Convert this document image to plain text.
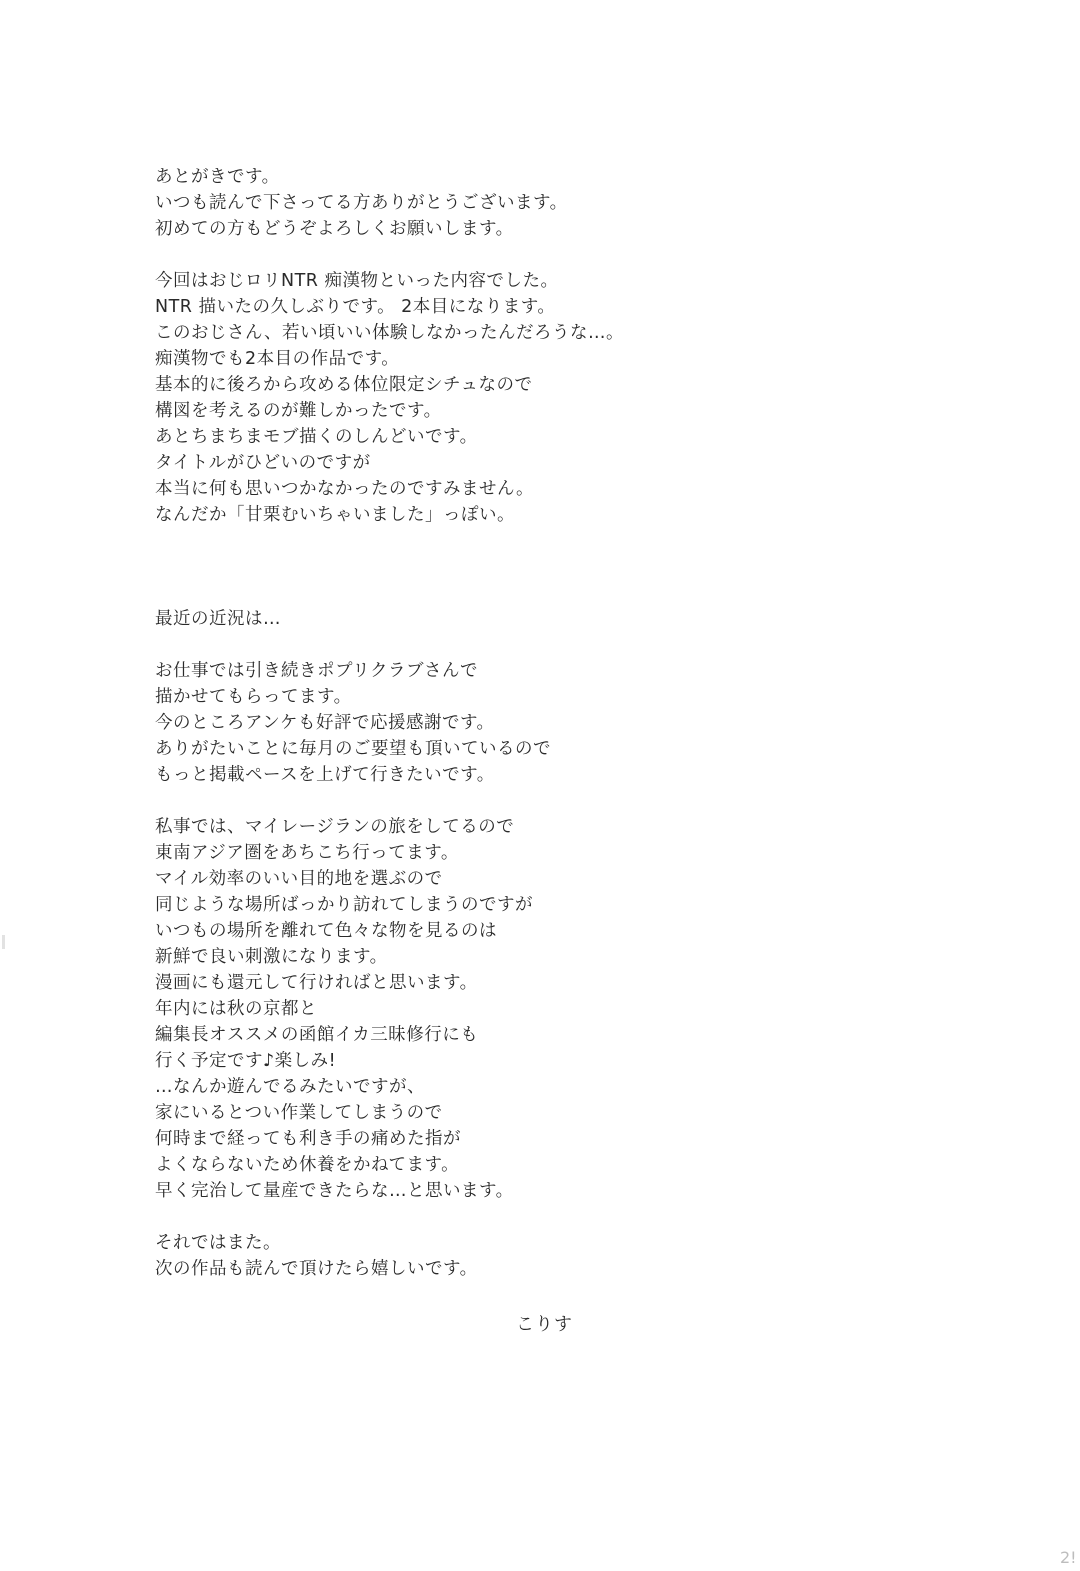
あとがきです。
いつも読んで下さってる方ありがとうございます。
初めての方もどうぞよろしくお願いします。
今回はおじロリNTR 痴漢物といった内容でした。
NTR 描いたの久しぶりです。 2本目になります。
このおじさん、若い頃いい体験しなかったんだろうな…。
痴漢物でも2本目の作品です。
基本的に後ろから攻める体位限定シチュなので
構図を考えるのが難しかったです。
あとちまちまモブ描くのしんどいです。
タイトルがひどいのですが
本当に何も思いつかなかったのですみません。
なんだか「甘栗むいちゃいました」っぽい。
最近の近況は…
お仕事では引き続きポプリクラブさんで
描かせてもらってます。
今のところアンケも好評で応援感謝です。
ありがたいことに毎月のご要望も頂いているので
もっと掲載ペースを上げて行きたいです。
私事では、マイレージランの旅をしてるので
東南アジア圏をあちこち行ってます。
マイル効率のいい目的地を選ぶので
同じような場所ばっかり訪れてしまうのですが
いつもの場所を離れて色々な物を見るのは
新鮮で良い刺激になります。
漫画にも還元して行ければと思います。
年内には秋の京都と
編集長オススメの函館イカ三昧修行にも
行く予定です♪楽しみ!
…なんか遊んでるみたいですが、
家にいるとつい作業してしまうので
何時まで経っても利き手の痛めた指が
よくならないため休養をかねてます。
早く完治して量産できたらな…と思います。
それではまた。
次の作品も読んで頂けたら嬉しいです。
こりす
2!
